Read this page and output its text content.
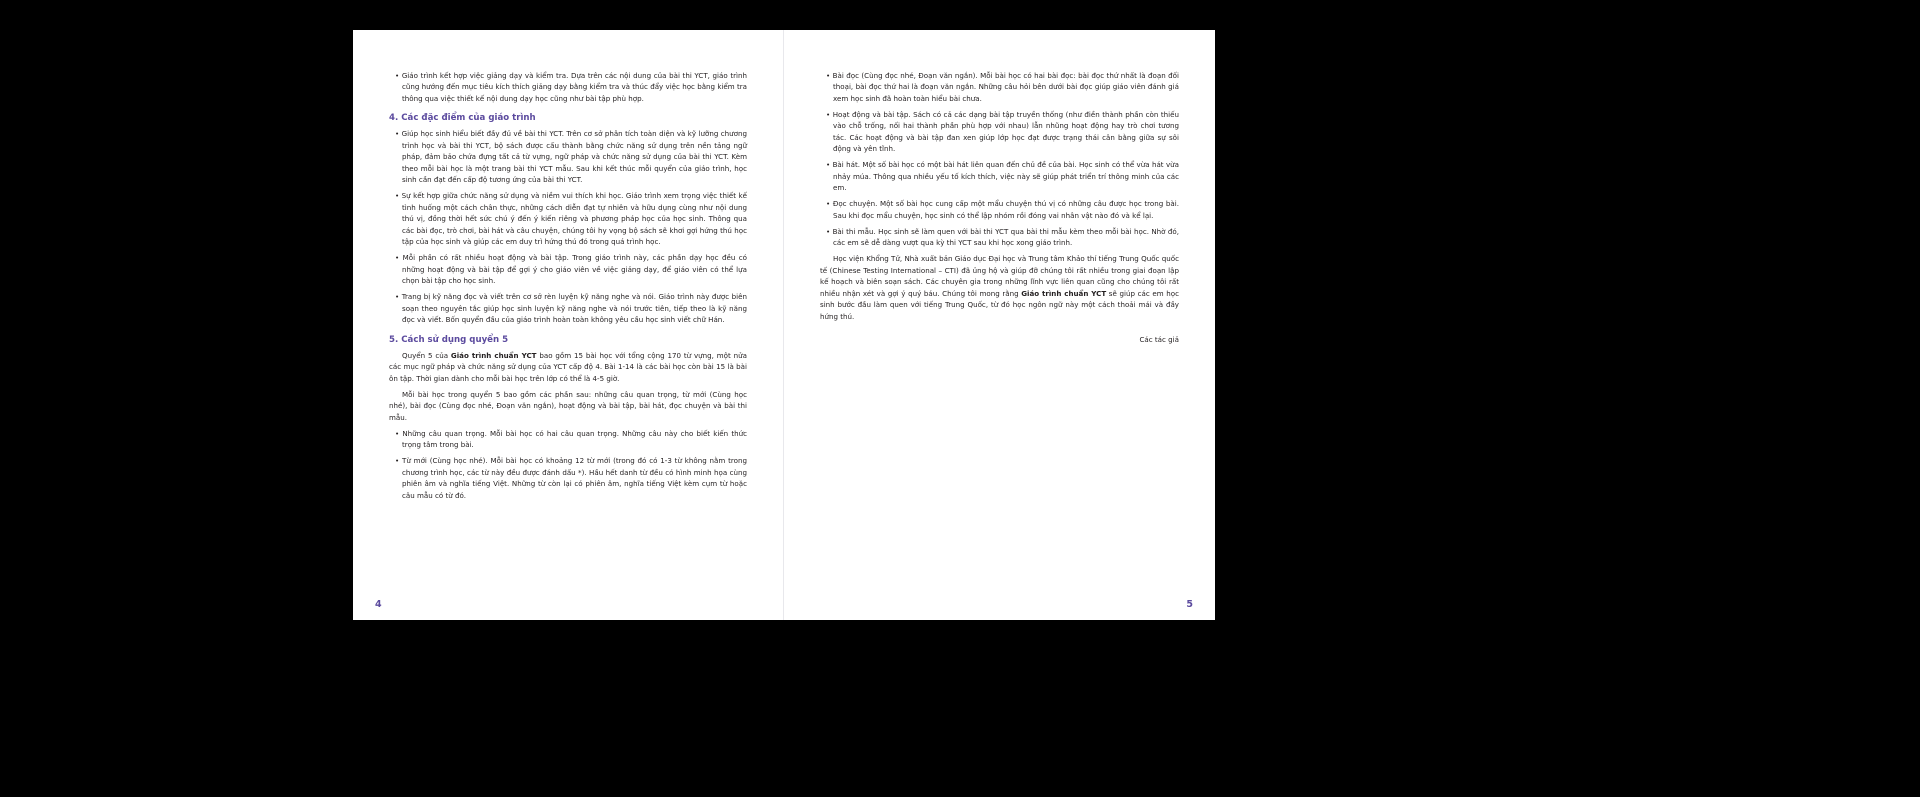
• Giáo trình kết hợp việc giảng dạy và kiểm tra. Dựa trên các nội dung của bài thi YCT, giáo trình cũng hướng đến mục tiêu kích thích giảng dạy bằng kiểm tra và thúc đẩy việc học bằng kiểm tra thông qua việc thiết kế nội dung dạy học cũng như bài tập phù hợp.

4. Các đặc điểm của giáo trình

• Giúp học sinh hiểu biết đầy đủ về bài thi YCT. Trên cơ sở phân tích toàn diện và kỹ lưỡng chương trình học và bài thi YCT, bộ sách được cấu thành bằng chức năng sử dụng trên nền tảng ngữ pháp, đảm bảo chứa đựng tất cả từ vựng, ngữ pháp và chức năng sử dụng của bài thi YCT. Kèm theo mỗi bài học là một trang bài thi YCT mẫu. Sau khi kết thúc mỗi quyển của giáo trình, học sinh cần đạt đến cấp độ tương ứng của bài thi YCT.

• Sự kết hợp giữa chức năng sử dụng và niềm vui thích khi học. Giáo trình xem trọng việc thiết kế tình huống một cách chân thực, những cách diễn đạt tự nhiên và hữu dụng cùng như nội dung thú vị, đồng thời hết sức chú ý đến ý kiến riêng và phương pháp học của học sinh. Thông qua các bài đọc, trò chơi, bài hát và câu chuyện, chúng tôi hy vọng bộ sách sẽ khơi gợi hứng thú học tập của học sinh và giúp các em duy trì hứng thú đó trong quá trình học.

• Mỗi phần có rất nhiều hoạt động và bài tập. Trong giáo trình này, các phần dạy học đều có những hoạt động và bài tập để gợi ý cho giáo viên về việc giảng dạy, để giáo viên có thể lựa chọn bài tập cho học sinh.

• Trang bị kỹ năng đọc và viết trên cơ sở rèn luyện kỹ năng nghe và nói. Giáo trình này được biên soạn theo nguyên tắc giúp học sinh luyện kỹ năng nghe và nói trước tiên, tiếp theo là kỹ năng đọc và viết. Bốn quyển đầu của giáo trình hoàn toàn không yêu cầu học sinh viết chữ Hán.

5. Cách sử dụng quyển 5

Quyển 5 của Giáo trình chuẩn YCT bao gồm 15 bài học với tổng cộng 170 từ vựng, một nửa các mục ngữ pháp và chức năng sử dụng của YCT cấp độ 4. Bài 1-14 là các bài học còn bài 15 là bài ôn tập. Thời gian dành cho mỗi bài học trên lớp có thể là 4-5 giờ.

Mỗi bài học trong quyển 5 bao gồm các phần sau: những câu quan trọng, từ mới (Cùng học nhé), bài đọc (Cùng đọc nhé, Đoạn văn ngắn), hoạt động và bài tập, bài hát, đọc chuyện và bài thi mẫu.

• Những câu quan trọng. Mỗi bài học có hai câu quan trọng. Những câu này cho biết kiến thức trọng tâm trong bài.

• Từ mới (Cùng học nhé). Mỗi bài học có khoảng 12 từ mới (trong đó có 1-3 từ không nằm trong chương trình học, các từ này đều được đánh dấu *). Hầu hết danh từ đều có hình minh họa cùng phiên âm và nghĩa tiếng Việt. Những từ còn lại có phiên âm, nghĩa tiếng Việt kèm cụm từ hoặc câu mẫu có từ đó.

4

• Bài đọc (Cùng đọc nhé, Đoạn văn ngắn). Mỗi bài học có hai bài đọc: bài đọc thứ nhất là đoạn đối thoại, bài đọc thứ hai là đoạn văn ngắn. Những câu hỏi bên dưới bài đọc giúp giáo viên đánh giá xem học sinh đã hoàn toàn hiểu bài chưa.

• Hoạt động và bài tập. Sách có cả các dạng bài tập truyền thống (như điền thành phần còn thiếu vào chỗ trống, nối hai thành phần phù hợp với nhau) lẫn nhũng hoạt động hay trò chơi tương tác. Các hoạt động và bài tập đan xen giúp lớp học đạt được trạng thái cân bằng giữa sự sôi động và yên tĩnh.

• Bài hát. Một số bài học có một bài hát liên quan đến chủ đề của bài. Học sinh có thể vừa hát vừa nhảy múa. Thông qua nhiều yếu tố kích thích, việc này sẽ giúp phát triển trí thông minh của các em.

• Đọc chuyện. Một số bài học cung cấp một mẩu chuyện thú vị có những câu được học trong bài. Sau khi đọc mẩu chuyện, học sinh có thể lập nhóm rồi đóng vai nhân vật nào đó và kể lại.

• Bài thi mẫu. Học sinh sẽ làm quen với bài thi YCT qua bài thi mẫu kèm theo mỗi bài học. Nhờ đó, các em sẽ dễ dàng vượt qua kỳ thi YCT sau khi học xong giáo trình.

Học viện Khổng Tử, Nhà xuất bản Giáo dục Đại học và Trung tâm Khảo thí tiếng Trung Quốc quốc tế (Chinese Testing International – CTI) đã ủng hộ và giúp đỡ chúng tôi rất nhiều trong giai đoạn lập kế hoạch và biên soạn sách. Các chuyên gia trong những lĩnh vực liên quan cũng cho chúng tôi rất nhiều nhận xét và gợi ý quý báu. Chúng tôi mong rằng Giáo trình chuẩn YCT sẽ giúp các em học sinh bước đầu làm quen với tiếng Trung Quốc, từ đó học ngôn ngữ này một cách thoải mái và đầy hứng thú.

Các tác giả
5
